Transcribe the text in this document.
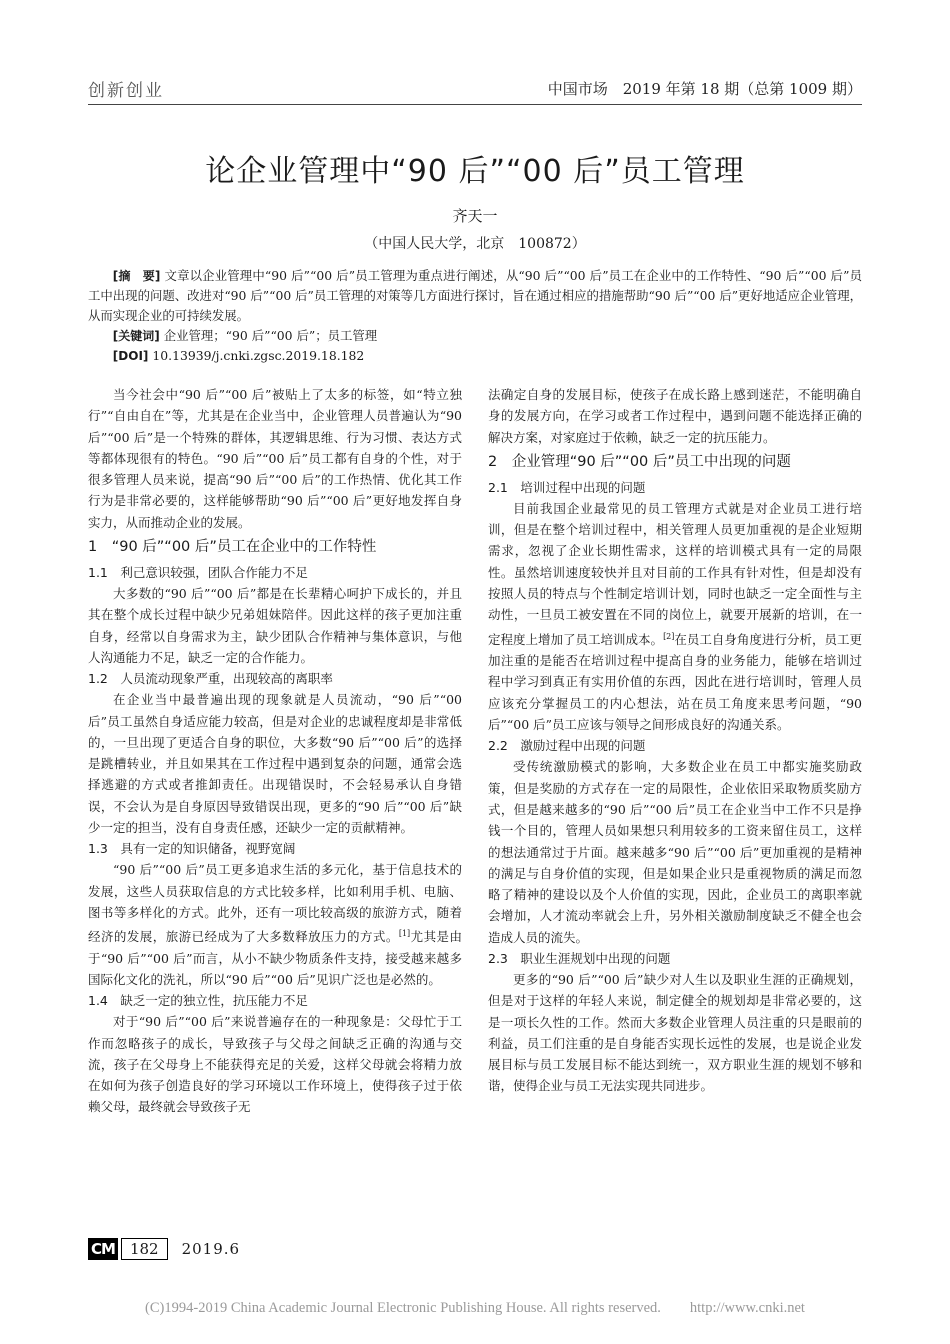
创新创业	中国市场　2019 年第 18 期（总第 1009 期）
论企业管理中“90 后”“00 后”员工管理
齐天一
（中国人民大学，北京　100872）

[摘　要] 文章以企业管理中“90 后”“00 后”员工管理为重点进行阐述，从“90 后”“00 后”员工在企业中的工作特性、“90 后”“00 后”员工中出现的问题、改进对“90 后”“00 后”员工管理的对策等几方面进行探讨，旨在通过相应的措施帮助“90 后”“00 后”更好地适应企业管理，从而实现企业的可持续发展。

[关键词] 企业管理；“90 后”“00 后”；员工管理

[DOI] 10.13939/j.cnki.zgsc.2019.18.182

当今社会中“90 后”“00 后”被贴上了太多的标签，如“特立独行”“自由自在”等，尤其是在企业当中，企业管理人员普遍认为“90 后”“00 后”是一个特殊的群体，其逻辑思维、行为习惯、表达方式等都体现很有的特色。“90 后”“00 后”员工都有自身的个性，对于很多管理人员来说，提高“90 后”“00 后”的工作热情、优化其工作行为是非常必要的，这样能够帮助“90 后”“00 后”更好地发挥自身实力，从而推动企业的发展。

1　“90 后”“00 后”员工在企业中的工作特性
1.1　利己意识较强，团队合作能力不足

大多数的“90 后”“00 后”都是在长辈精心呵护下成长的，并且其在整个成长过程中缺少兄弟姐妹陪伴。因此这样的孩子更加注重自身，经常以自身需求为主，缺少团队合作精神与集体意识，与他人沟通能力不足，缺乏一定的合作能力。

1.2　人员流动现象严重，出现较高的离职率

在企业当中最普遍出现的现象就是人员流动，“90 后”“00 后”员工虽然自身适应能力较高，但是对企业的忠诚程度却是非常低的，一旦出现了更适合自身的职位，大多数“90 后”“00 后”的选择是跳槽转业，并且如果其在工作过程中遇到复杂的问题，通常会选择逃避的方式或者推卸责任。出现错误时，不会轻易承认自身错误，不会认为是自身原因导致错误出现，更多的“90 后”“00 后”缺少一定的担当，没有自身责任感，还缺少一定的贡献精神。

1.3　具有一定的知识储备，视野宽阔

“90 后”“00 后”员工更多追求生活的多元化，基于信息技术的发展，这些人员获取信息的方式比较多样，比如利用手机、电脑、图书等多样化的方式。此外，还有一项比较高级的旅游方式，随着经济的发展，旅游已经成为了大多数释放压力的方式。[1]尤其是由于“90 后”“00 后”而言，从小不缺少物质条件支持，接受越来越多国际化文化的洗礼，所以“90 后”“00 后”见识广泛也是必然的。

1.4　缺乏一定的独立性，抗压能力不足

对于“90 后”“00 后”来说普遍存在的一种现象是：父母忙于工作而忽略孩子的成长，导致孩子与父母之间缺乏正确的沟通与交流，孩子在父母身上不能获得充足的关爱，这样父母就会将精力放在如何为孩子创造良好的学习环境以工作环境上，使得孩子过于依赖父母，最终就会导致孩子无

法确定自身的发展目标，使孩子在成长路上感到迷茫，不能明确自身的发展方向，在学习或者工作过程中，遇到问题不能选择正确的解决方案，对家庭过于依赖，缺乏一定的抗压能力。

2　企业管理“90 后”“00 后”员工中出现的问题
2.1　培训过程中出现的问题

目前我国企业最常见的员工管理方式就是对企业员工进行培训，但是在整个培训过程中，相关管理人员更加重视的是企业短期需求，忽视了企业长期性需求，这样的培训模式具有一定的局限性。虽然培训速度较快并且对目前的工作具有针对性，但是却没有按照人员的特点与个性制定培训计划，同时也缺乏一定全面性与主动性，一旦员工被安置在不同的岗位上，就要开展新的培训，在一定程度上增加了员工培训成本。[2]在员工自身角度进行分析，员工更加注重的是能否在培训过程中提高自身的业务能力，能够在培训过程中学习到真正有实用价值的东西，因此在进行培训时，管理人员应该充分掌握员工的内心想法，站在员工角度来思考问题，“90 后”“00 后”员工应该与领导之间形成良好的沟通关系。

2.2　激励过程中出现的问题

受传统激励模式的影响，大多数企业在员工中都实施奖励政策，但是奖励的方式存在一定的局限性，企业依旧采取物质奖励方式，但是越来越多的“90 后”“00 后”员工在企业当中工作不只是挣钱一个目的，管理人员如果想只利用较多的工资来留住员工，这样的想法通常过于片面。越来越多“90 后”“00 后”更加重视的是精神的满足与自身价值的实现，但是如果企业只是重视物质的满足而忽略了精神的建设以及个人价值的实现，因此，企业员工的离职率就会增加，人才流动率就会上升，另外相关激励制度缺乏不健全也会造成人员的流失。

2.3　职业生涯规划中出现的问题

更多的“90 后”“00 后”缺少对人生以及职业生涯的正确规划，但是对于这样的年轻人来说，制定健全的规划却是非常必要的，这是一项长久性的工作。然而大多数企业管理人员注重的只是眼前的利益，员工们注重的是自身能否实现长远性的发展，也是说企业发展目标与员工发展目标不能达到统一，双方职业生涯的规划不够和谐，使得企业与员工无法实现共同进步。

CM	182	2019.6
(C)1994-2019 China Academic Journal Electronic Publishing House. All rights reserved.　　http://www.cnki.net
